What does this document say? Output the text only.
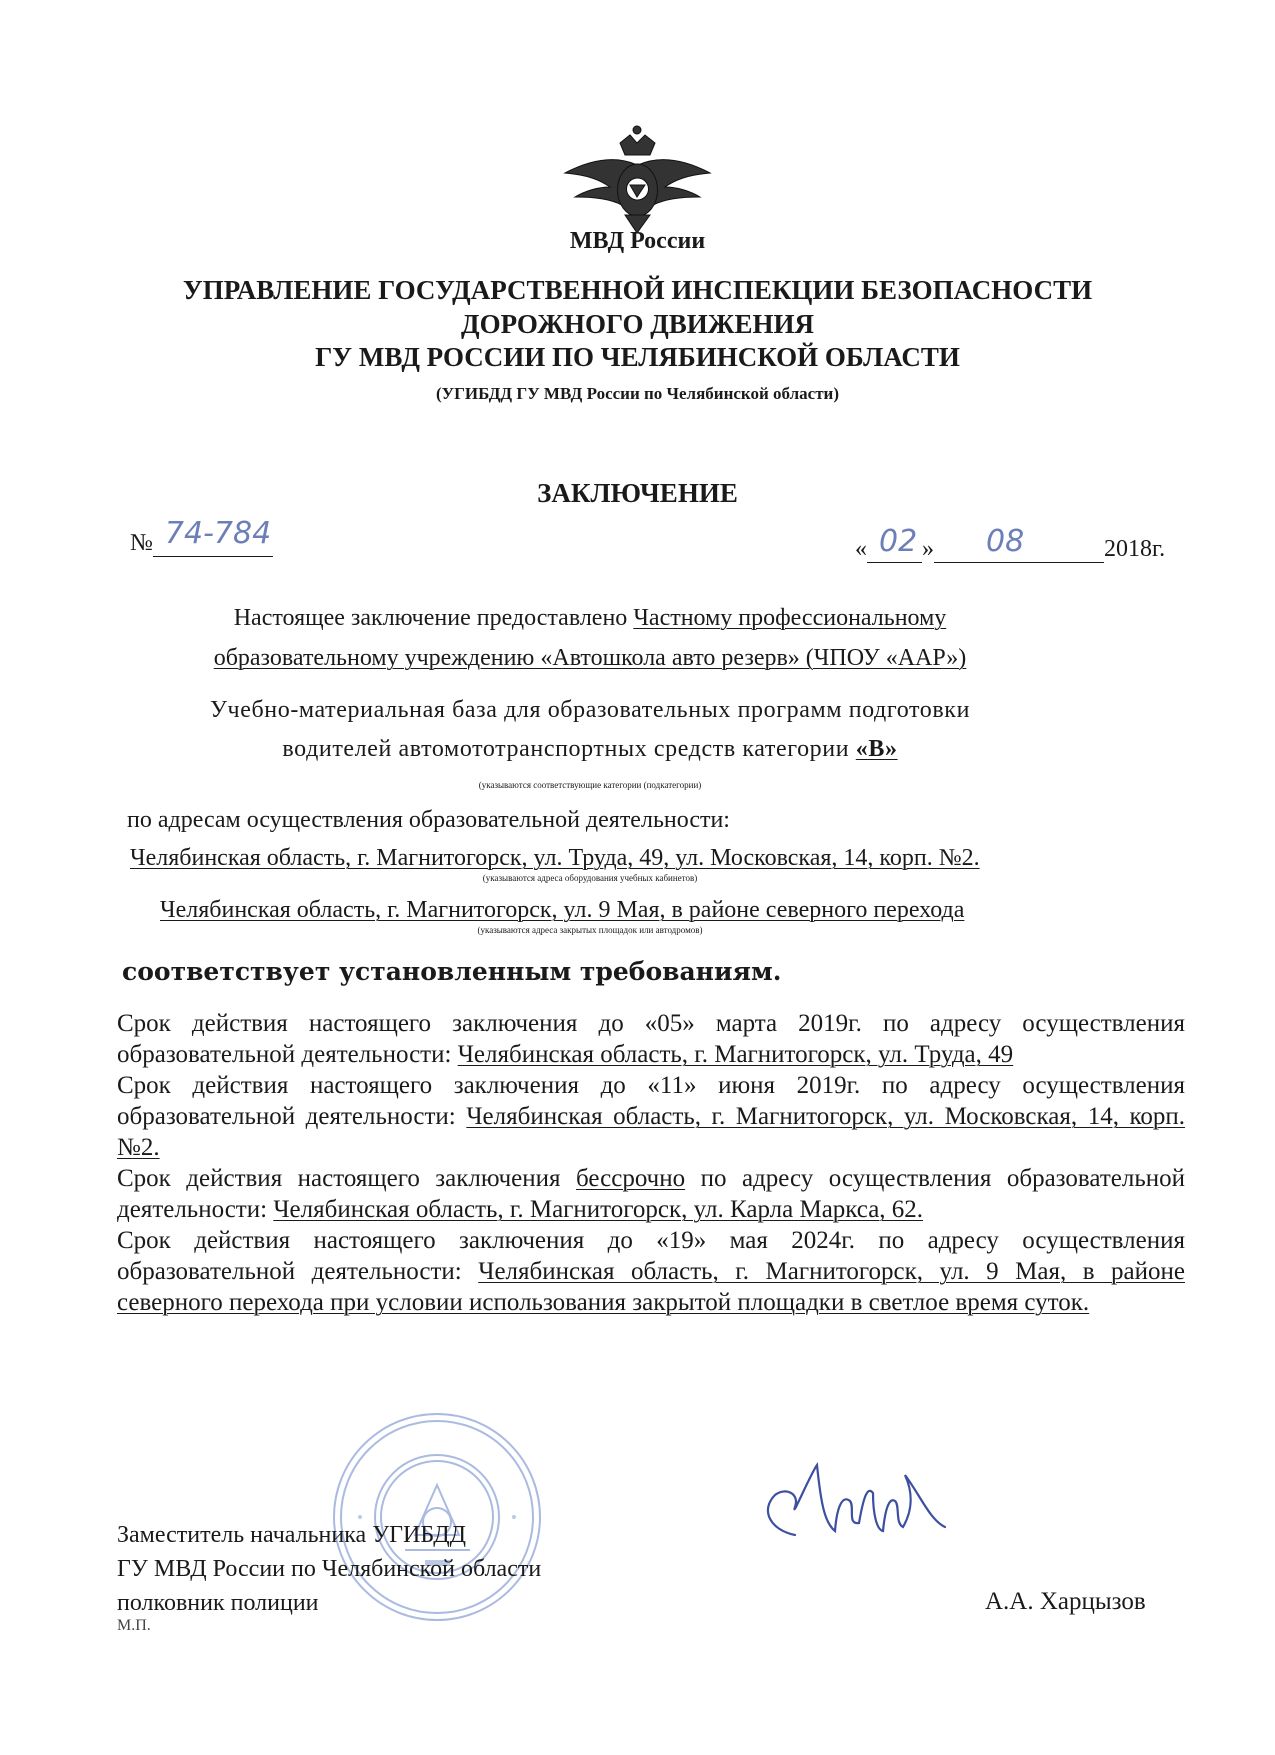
МВД России
УПРАВЛЕНИЕ ГОСУДАРСТВЕННОЙ ИНСПЕКЦИИ БЕЗОПАСНОСТИ
ДОРОЖНОГО ДВИЖЕНИЯ
ГУ МВД РОССИИ ПО ЧЕЛЯБИНСКОЙ ОБЛАСТИ
(УГИБДД ГУ МВД России по Челябинской области)
ЗАКЛЮЧЕНИЕ
№ 74-784	« 02 » 08	2018г.
Настоящее заключение предоставлено Частному профессиональному
образовательному учреждению «Автошкола авто резерв» (ЧПОУ «ААР»)
Учебно-материальная база для образовательных программ подготовки
водителей автомототранспортных средств категории «В»
(указываются соответствующие категории (подкатегории)
по адресам осуществления образовательной деятельности:
Челябинская область, г. Магнитогорск, ул. Труда, 49, ул. Московская, 14, корп. №2.
(указываются адреса оборудования учебных кабинетов)
Челябинская область, г. Магнитогорск, ул. 9 Мая, в районе северного перехода
(указываются адреса закрытых площадок или автодромов)
соответствует установленным требованиям.

Срок действия настоящего заключения до «05» марта 2019г. по адресу осуществления образовательной деятельности: Челябинская область, г. Магнитогорск, ул. Труда, 49

Срок действия настоящего заключения до «11» июня 2019г. по адресу осуществления образовательной деятельности: Челябинская область, г. Магнитогорск, ул. Московская, 14, корп. №2.

Срок действия настоящего заключения бессрочно по адресу осуществления образовательной деятельности: Челябинская область, г. Магнитогорск, ул. Карла Маркса, 62.

Срок действия настоящего заключения до «19» мая 2024г. по адресу осуществления образовательной деятельности: Челябинская область, г. Магнитогорск, ул. 9 Мая, в районе северного перехода при условии использования закрытой площадки в светлое время суток.

Заместитель начальника УГИБДД
ГУ МВД России по Челябинской области
полковник полиции
М.П.
А.А. Харцызов
